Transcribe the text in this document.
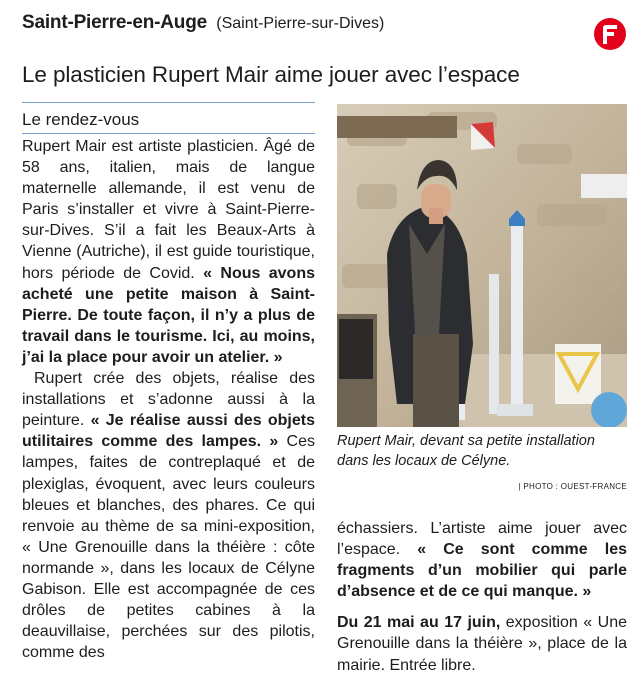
Saint-Pierre-en-Auge (Saint-Pierre-sur-Dives)
Le plasticien Rupert Mair aime jouer avec l’espace
Le rendez-vous

Rupert Mair est artiste plasticien. Âgé de 58 ans, italien, mais de langue maternelle allemande, il est venu de Paris s’installer et vivre à Saint-Pierre-sur-Dives. S’il a fait les Beaux-Arts à Vienne (Autriche), il est guide touristique, hors période de Covid. « Nous avons acheté une petite maison à Saint-Pierre. De toute façon, il n’y a plus de travail dans le tourisme. Ici, au moins, j’ai la place pour avoir un atelier. »

Rupert crée des objets, réalise des installations et s’adonne aussi à la peinture. « Je réalise aussi des objets utilitaires comme des lampes. » Ces lampes, faites de contreplaqué et de plexiglas, évoquent, avec leurs couleurs bleues et blanches, des phares. Ce qui renvoie au thème de sa mini-exposition, « Une Grenouille dans la théière : côte normande », dans les locaux de Célyne Gabison. Elle est accompagnée de ces drôles de petites cabines à la deauvillaise, perchées sur des pilotis, comme des

Rupert Mair, devant sa petite installation dans les locaux de Célyne.
| PHOTO : OUEST-FRANCE

échassiers. L’artiste aime jouer avec l’espace. « Ce sont comme les fragments d’un mobilier qui parle d’absence et de ce qui manque. »

Du 21 mai au 17 juin, exposition « Une Grenouille dans la théière », place de la mairie. Entrée libre.
